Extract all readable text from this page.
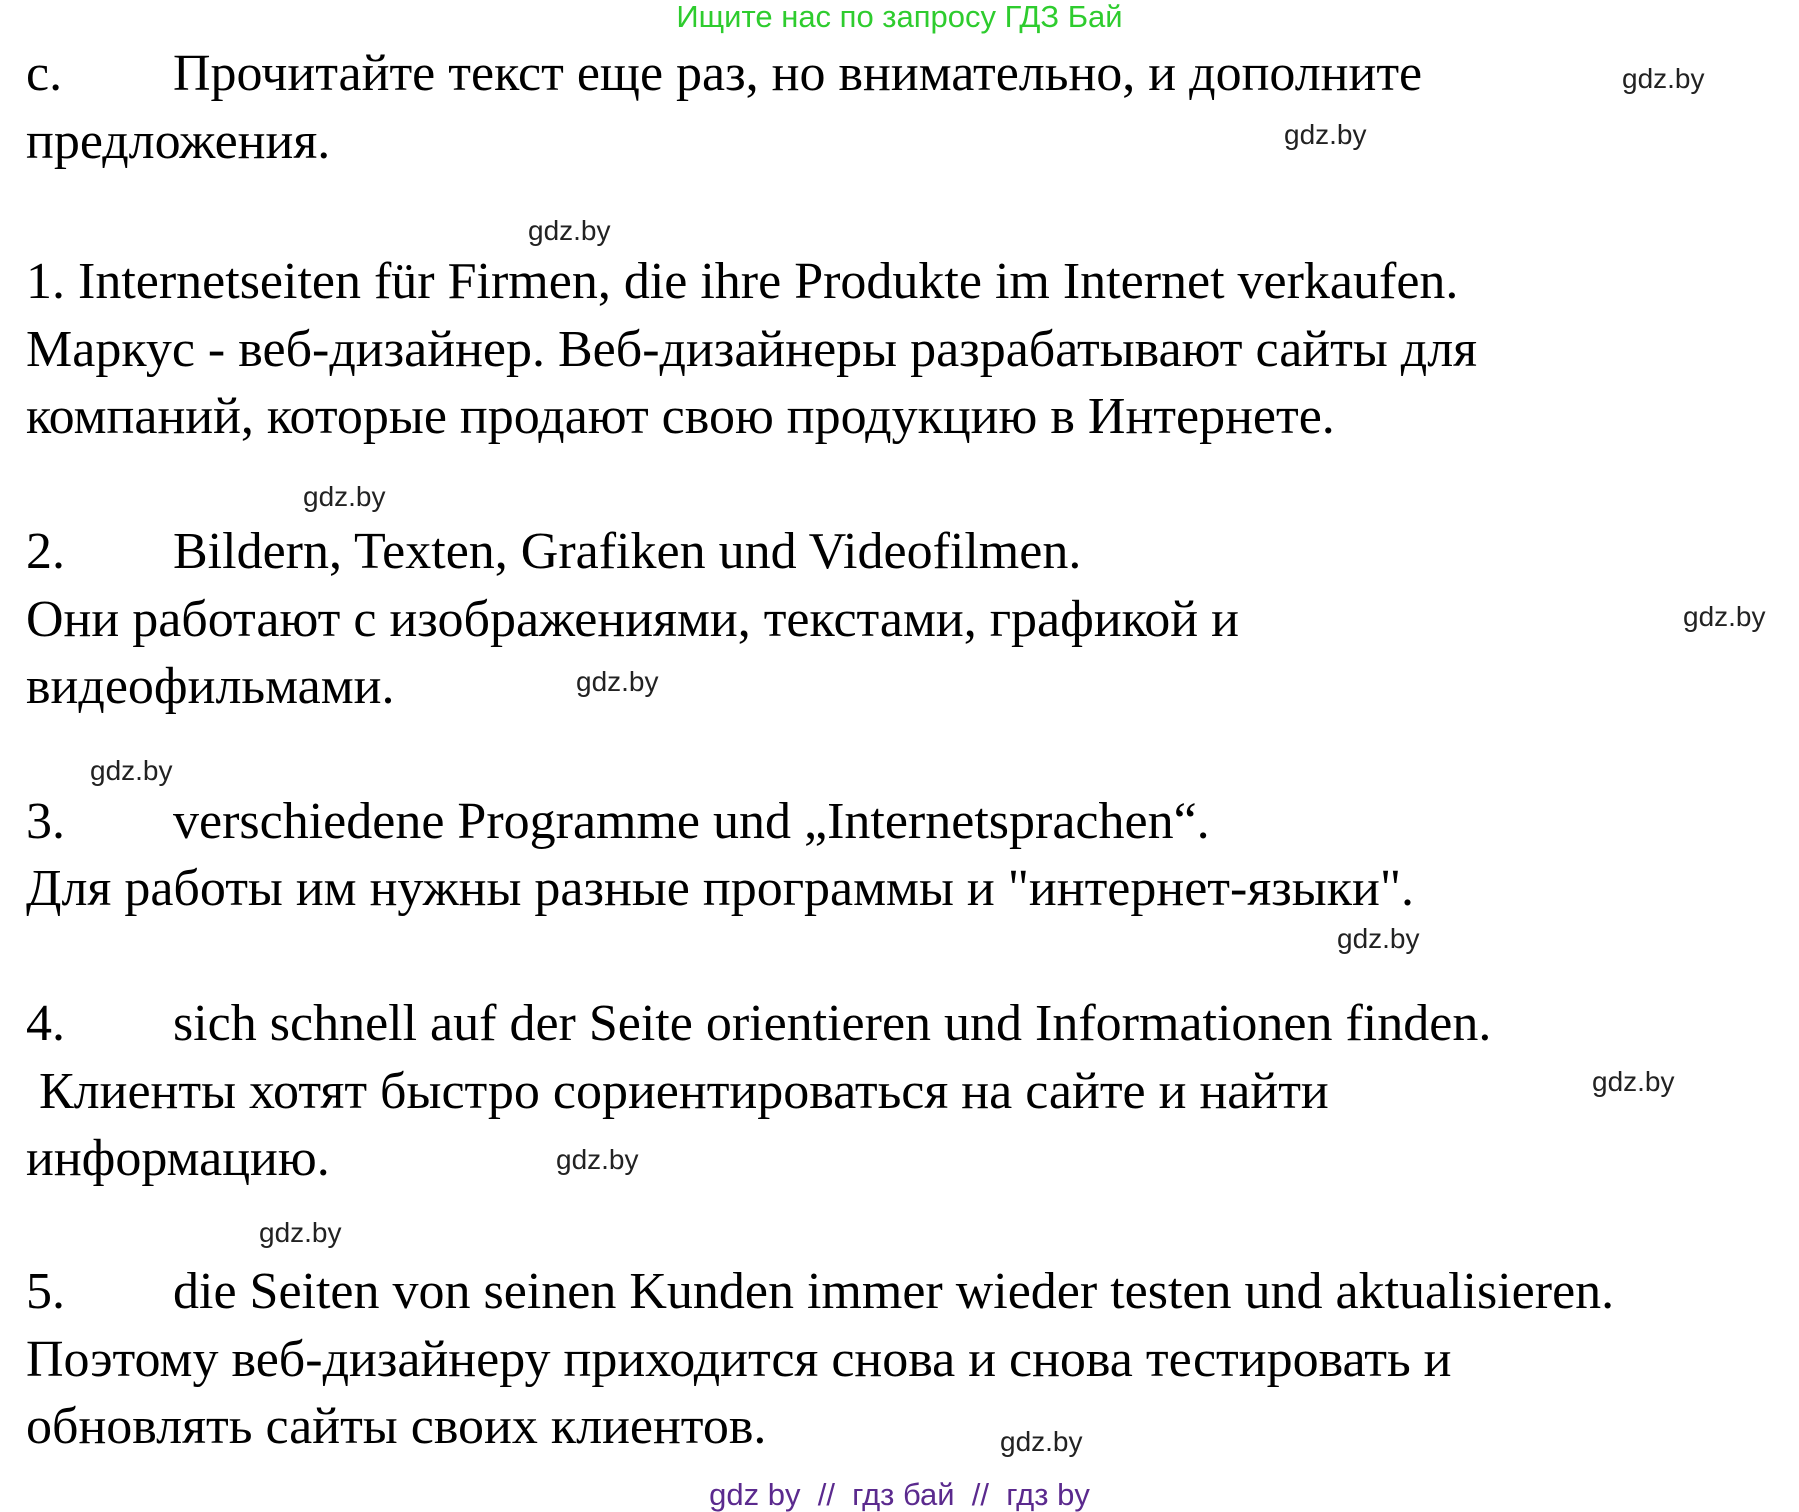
Ищите нас по запросу ГДЗ Бай
c. Прочитайте текст еще раз, но внимательно, и дополните
предложения.
1. Internetseiten für Firmen, die ihre Produkte im Internet verkaufen.
Маркус - веб-дизайнер. Веб-дизайнеры разрабатывают сайты для
компаний, которые продают свою продукцию в Интернете.
2. Bildern, Texten, Grafiken und Videofilmen.
Они работают с изображениями, текстами, графикой и
видеофильмами.
3. verschiedene Programme und „Internetsprachen“.
Для работы им нужны разные программы и "интернет-языки".
4. sich schnell auf der Seite orientieren und Informationen finden.
Клиенты хотят быстро сориентироваться на сайте и найти
информацию.
5. die Seiten von seinen Kunden immer wieder testen und aktualisieren.
Поэтому веб-дизайнеру приходится снова и снова тестировать и
обновлять сайты своих клиентов.
gdz.by
gdz.by
gdz.by
gdz.by
gdz.by
gdz.by
gdz.by
gdz.by
gdz.by
gdz.by
gdz.by
gdz.by
gdz by  //  гдз бай  //  гдз by
